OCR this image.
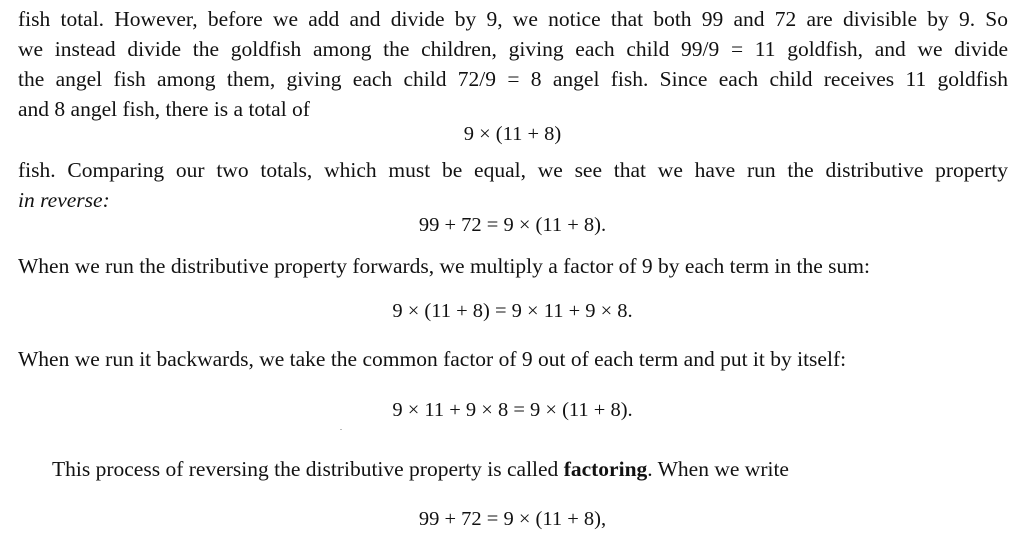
fish total. However, before we add and divide by 9, we notice that both 99 and 72 are divisible by 9. So
we instead divide the goldfish among the children, giving each child 99/9 = 11 goldfish, and we divide
the angel fish among them, giving each child 72/9 = 8 angel fish. Since each child receives 11 goldfish
and 8 angel fish, there is a total of
9 × (11 + 8)
fish. Comparing our two totals, which must be equal, we see that we have run the distributive property
in reverse:
99 + 72 = 9 × (11 + 8).
When we run the distributive property forwards, we multiply a factor of 9 by each term in the sum:
9 × (11 + 8) = 9 × 11 + 9 × 8.
When we run it backwards, we take the common factor of 9 out of each term and put it by itself:
9 × 11 + 9 × 8 = 9 × (11 + 8).
This process of reversing the distributive property is called factoring. When we write
99 + 72 = 9 × (11 + 8),
